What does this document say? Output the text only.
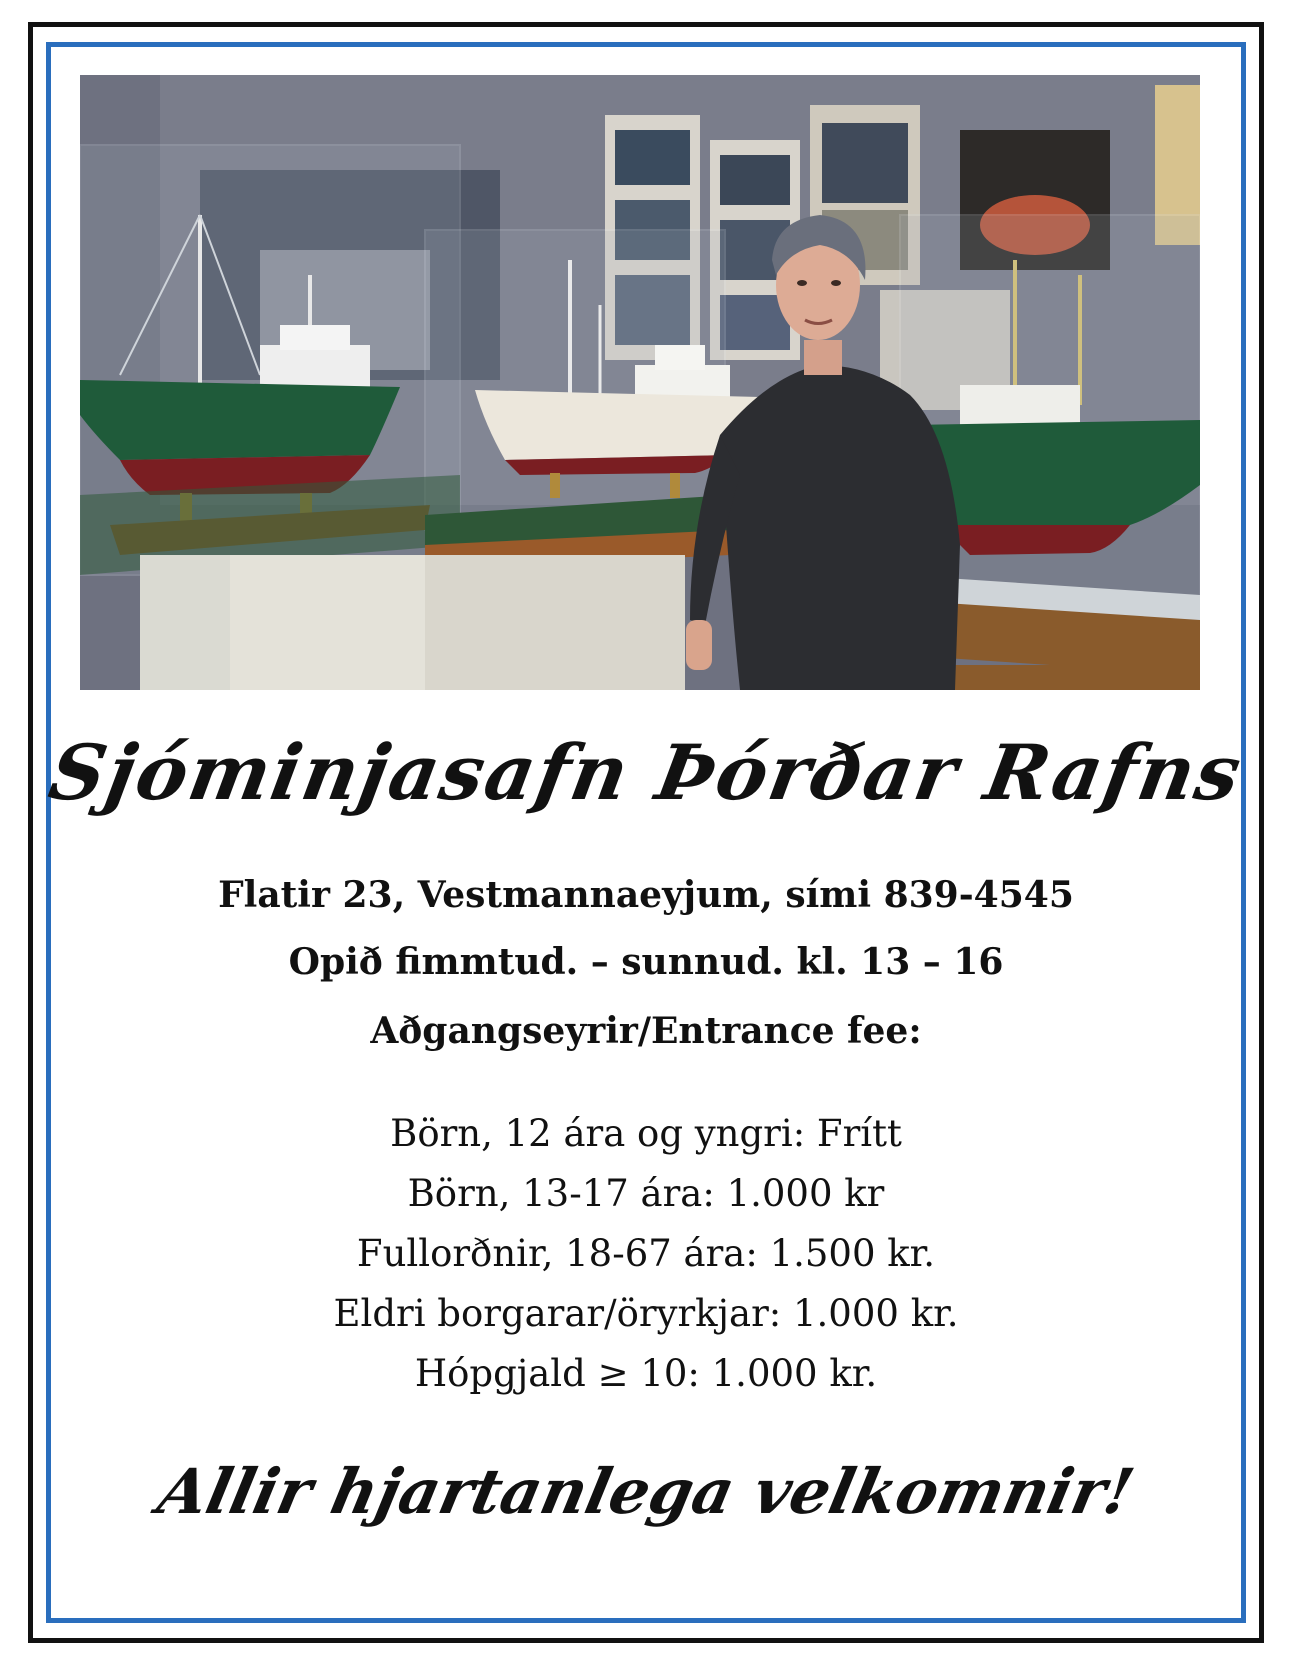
Sjóminjasafn Þórðar Rafns

Flatir 23, Vestmannaeyjum, sími 839-4545

Opið fimmtud. – sunnud. kl. 13 – 16

Aðgangseyrir/Entrance fee:

Börn, 12 ára og yngri: Frítt
Börn, 13-17 ára: 1.000 kr
Fullorðnir, 18-67 ára: 1.500 kr.
Eldri borgarar/öryrkjar: 1.000 kr.
Hópgjald ≥ 10: 1.000 kr.

Allir hjartanlega velkomnir!
